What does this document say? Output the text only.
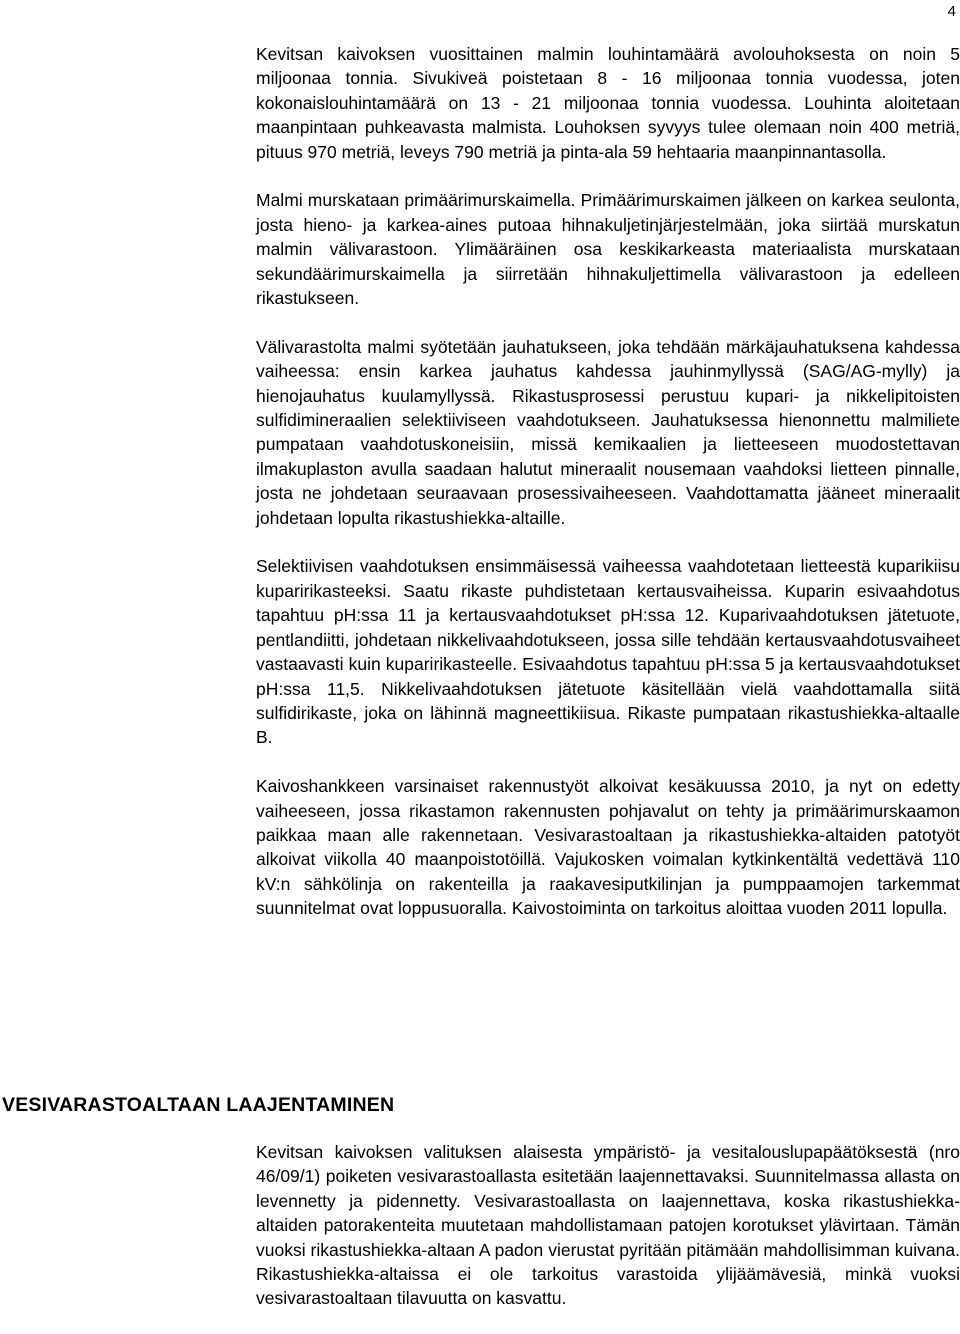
4

Kevitsan kaivoksen vuosittainen malmin louhintamäärä avolouhoksesta on noin 5 miljoonaa tonnia. Sivukiveä poistetaan 8 - 16 miljoonaa tonnia vuodessa, joten kokonaislouhintamäärä on 13 - 21 miljoonaa tonnia vuodessa. Louhinta aloitetaan maanpintaan puhkeavasta malmista. Louhoksen syvyys tulee olemaan noin 400 metriä, pituus 970 metriä, leveys 790 metriä ja pinta-ala 59 hehtaaria maanpinnantasolla.

Malmi murskataan primäärimurskaimella. Primäärimurskaimen jälkeen on karkea seulonta, josta hieno- ja karkea-aines putoaa hihnakuljetinjärjestelmään, joka siirtää murskatun malmin välivarastoon. Ylimääräinen osa keskikarkeasta materiaalista murskataan sekundäärimurskaimella ja siirretään hihnakuljettimella välivarastoon ja edelleen rikastukseen.

Välivarastolta malmi syötetään jauhatukseen, joka tehdään märkäjauhatuksena kahdessa vaiheessa: ensin karkea jauhatus kahdessa jauhinmyllyssä (SAG/AG-mylly) ja hienojauhatus kuulamyllyssä. Rikastusprosessi perustuu kupari- ja nikkelipitoisten sulfidimineraalien selektiiviseen vaahdotukseen. Jauhatuksessa hienonnettu malmiliete pumpataan vaahdotuskoneisiin, missä kemikaalien ja lietteeseen muodostettavan ilmakuplaston avulla saadaan halutut mineraalit nousemaan vaahdoksi lietteen pinnalle, josta ne johdetaan seuraavaan prosessivaiheeseen. Vaahdottamatta jääneet mineraalit johdetaan lopulta rikastushiekka-altaille.

Selektiivisen vaahdotuksen ensimmäisessä vaiheessa vaahdotetaan lietteestä kuparikiisu kuparirikasteeksi. Saatu rikaste puhdistetaan kertausvaiheissa. Kuparin esivaahdotus tapahtuu pH:ssa 11 ja kertausvaahdotukset pH:ssa 12. Kuparivaahdotuksen jätetuote, pentlandiitti, johdetaan nikkelivaahdotukseen, jossa sille tehdään kertausvaahdotusvaiheet vastaavasti kuin kuparirikasteelle. Esivaahdotus tapahtuu pH:ssa 5 ja kertausvaahdotukset pH:ssa 11,5. Nikkelivaahdotuksen jätetuote käsitellään vielä vaahdottamalla siitä sulfidirikaste, joka on lähinnä magneettikiisua. Rikaste pumpataan rikastushiekka-altaalle B.

Kaivoshankkeen varsinaiset rakennustyöt alkoivat kesäkuussa 2010, ja nyt on edetty vaiheeseen, jossa rikastamon rakennusten pohjavalut on tehty ja primäärimurskaamon paikkaa maan alle rakennetaan. Vesivarastoaltaan ja rikastushiekka-altaiden patotyöt alkoivat viikolla 40 maanpoistotöillä. Vajukosken voimalan kytkinkentältä vedettävä 110 kV:n sähkölinja on rakenteilla ja raakavesiputkilinjan ja pumppaamojen tarkemmat suunnitelmat ovat loppusuoralla. Kaivostoiminta on tarkoitus aloittaa vuoden 2011 lopulla.

VESIVARASTOALTAAN LAAJENTAMINEN

Kevitsan kaivoksen valituksen alaisesta ympäristö- ja vesitalouslupapäätöksestä (nro 46/09/1) poiketen vesivarastoallasta esitetään laajennettavaksi. Suunnitelmassa allasta on levennetty ja pidennetty. Vesivarastoallasta on laajennettava, koska rikastushiekka-altaiden patorakenteita muutetaan mahdollistamaan patojen korotukset ylävirtaan. Tämän vuoksi rikastushiekka-altaan A padon vierustat pyritään pitämään mahdollisimman kuivana. Rikastushiekka-altaissa ei ole tarkoitus varastoida ylijäämävesiä, minkä vuoksi vesivarastoaltaan tilavuutta on kasvattu.
